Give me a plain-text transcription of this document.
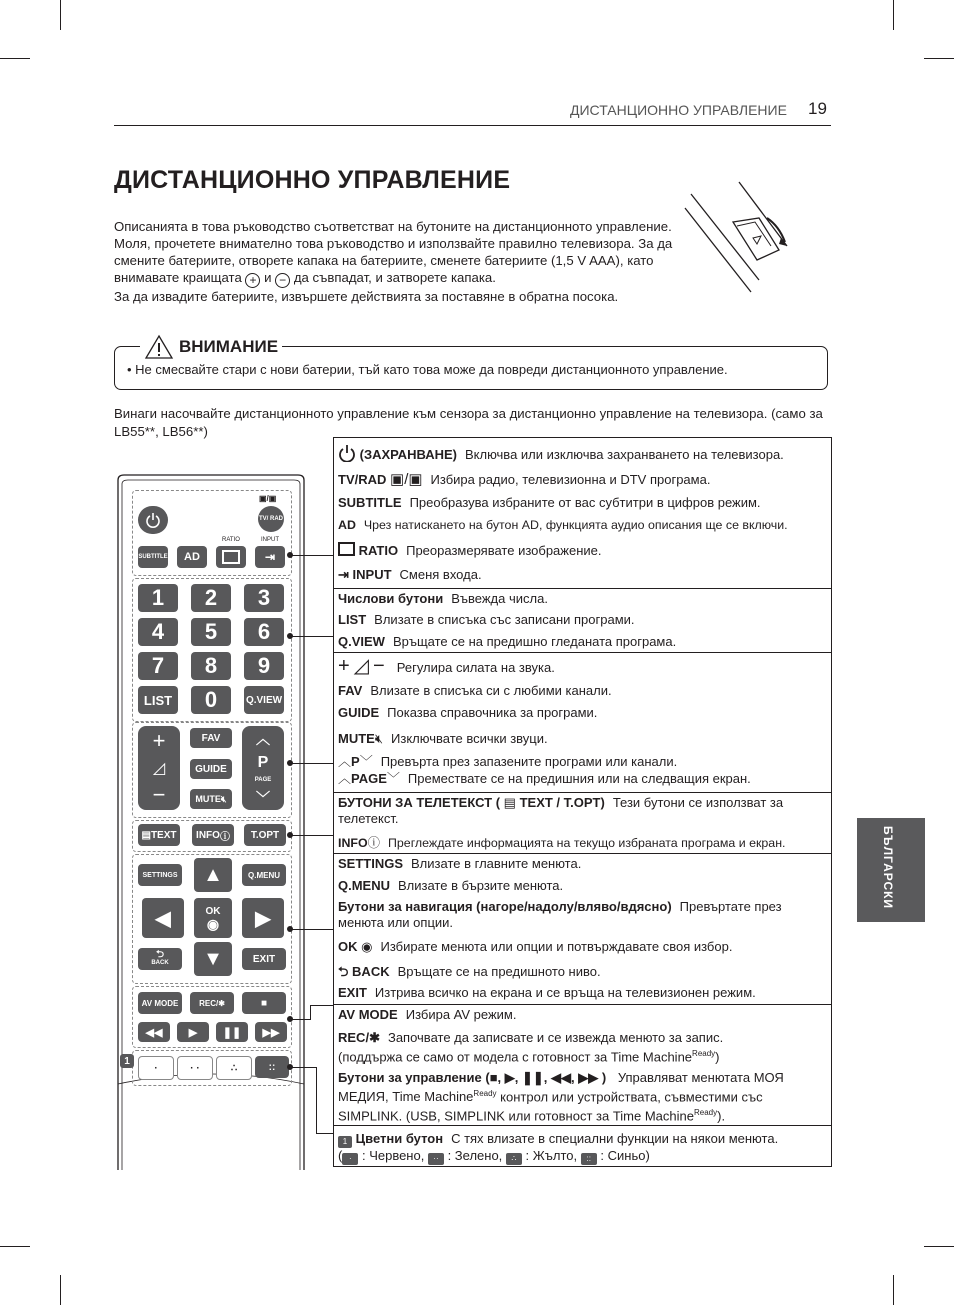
ДИСТАНЦИОННО УПРАВЛЕНИЕ 19
ДИСТАНЦИОННО УПРАВЛЕНИЕ

Описанията в това ръководство съответстват на бутоните на дистанционното управление. Моля, прочетете внимателно това ръководство и използвайте правилно телевизора. За да смените батериите, отворете капака на батериите, сменете батериите (1,5 V AAA), като внимавате краищата + и − да съвпадат, и затворете капака.

За да извадите батериите, извършете действията за поставяне в обратна посока.

ВНИМАНИЕ
• Не смесвайте стари с нови батерии, тъй като това може да повреди дистанционното управление.
Винаги насочвайте дистанционното управление към сензора за дистанционно управление на телевизора. (само за LB55**, LB56**)
БЪЛГАРСКИ
▣/▣
TV/ RAD
RATIO	INPUT
SUBTITLE	AD	⇥
1	2	3
4	5	6
7	8	9
LIST	0	Q.VIEW
+
◿
−
FAV
GUIDE
MUTE 🔇︎
︿
P
PAGE
﹀
▤ TEXT INFO ⓘ	T.OPT
SETTINGS	Q.MENU
▲
◀	OK
◉ ▶
▼
⮌
BACK	EXIT
AV MODE	REC/✱	■
◀◀ ▶ ❚❚ ▶▶
·	· ·	∴	::
1
(ЗАХРАНВАНЕ) Включва или изключва захранването на телевизора.
TV/RAD ▣/▣ Избира радио, телевизионна и DTV програма.
SUBTITLE Преобразува избраните от вас субтитри в цифров режим.
AD Чрез натискането на бутон AD, функцията аудио описания ще се включи.
RATIO Преоразмерявате изображение.
⇥ INPUT Сменя входа.
Числови бутони Въвежда числа.
LIST Влизате в списъка със записани програми.
Q.VIEW Връщате се на предишно гледаната програма.
+◿− Регулира силата на звука.
FAV Влизате в списъка си с любими канали.
GUIDE Показва справочника за програми.
MUTE🔇︎ Изключвате всички звуци.
︿P﹀ Превърта през запазените програми или канали.
︿PAGE﹀ Премествате се на предишния или на следващия екран.
БУТОНИ ЗА ТЕЛЕТЕКСТ ( ▤ TEXT / T.OPT) Тези бутони се използват за телетекст.
INFOⓘ Преглеждате информацията на текущо избраната програма и екран.
SETTINGS Влизате в главните менюта.
Q.MENU Влизате в бързите менюта.
Бутони за навигация (нагоре/надолу/вляво/вдясно) Превъртате през менюта или опции.
OK ◉ Избирате менюта или опции и потвърждавате своя избор.
⮌ BACK Връщате се на предишното ниво.
EXIT Изтрива всичко на екрана и се връща на телевизионен режим.
AV MODE Избира AV режим.
REC/✱ Започвате да записвате и се извежда менюто за запис.
(поддържа се само от модела с готовност за Time Machine$^{Ready}$)
Бутони за управление (■, ▶, ❚❚, ◀◀, ▶▶ ) Управляват менютата МОЯ МЕДИЯ, Time Machine$^{Ready}$ контрол или устройствата, съвместими със SIMPLINK. (USB, SIMPLINK или готовност за Time Machine$^{Ready}$).
1 Цветни бутон С тях влизате в специални функции на някои менюта.
( · : Червено, ·· : Зелено, ∴ : Жълто, :: : Синьо)
